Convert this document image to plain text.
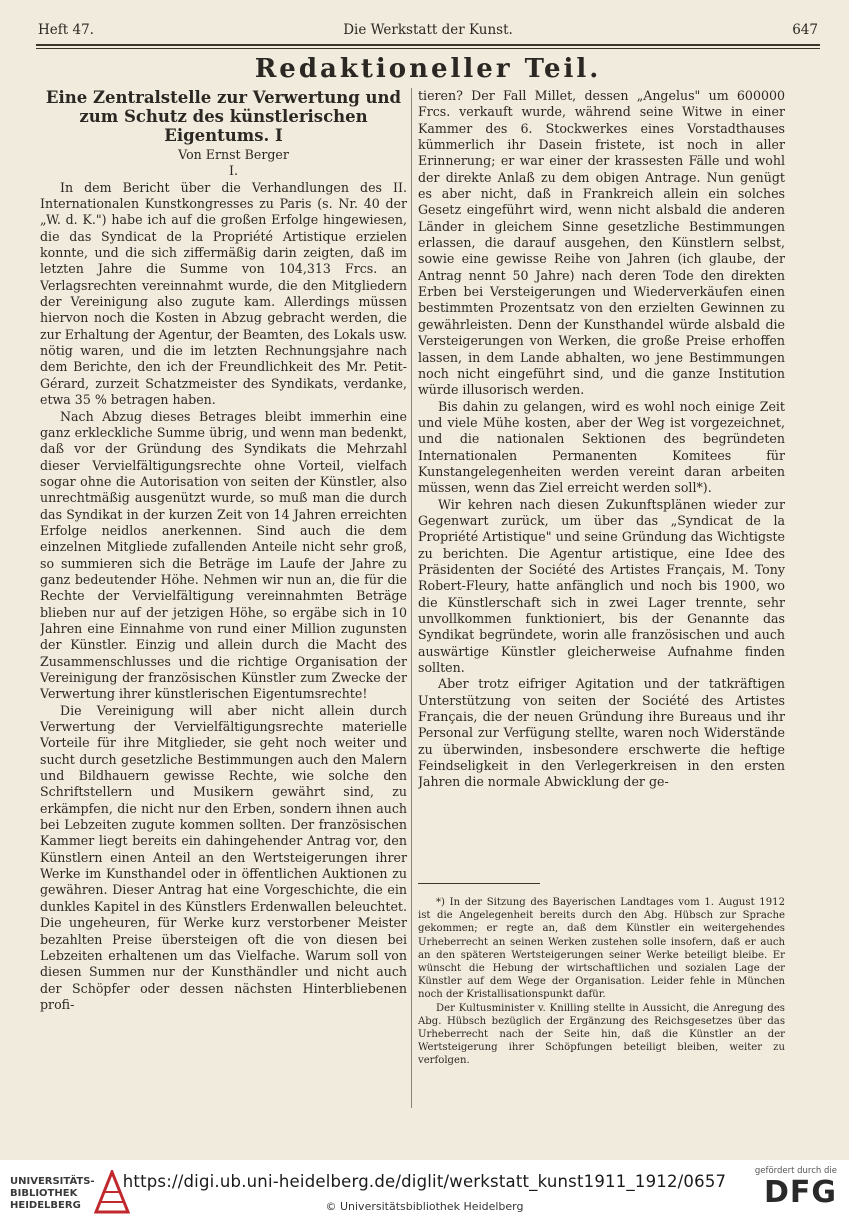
Heft 47.	Die Werkstatt der Kunst.	647
Redaktioneller Teil.
Eine Zentralstelle zur Verwertung und zum Schutz des künstlerischen Eigentums. I

Von Ernst Berger

I.

In dem Bericht über die Verhandlungen des II. Internationalen Kunstkongresses zu Paris (s. Nr. 40 der „W. d. K.") habe ich auf die großen Erfolge hingewiesen, die das Syndicat de la Propriété Artistique erzielen konnte, und die sich ziffermäßig darin zeigten, daß im letzten Jahre die Summe von 104,313 Frcs. an Verlagsrechten vereinnahmt wurde, die den Mitgliedern der Vereinigung also zugute kam. Allerdings müssen hiervon noch die Kosten in Abzug gebracht werden, die zur Erhaltung der Agentur, der Beamten, des Lokals usw. nötig waren, und die im letzten Rechnungsjahre nach dem Berichte, den ich der Freundlichkeit des Mr. Petit-Gérard, zurzeit Schatzmeister des Syndikats, verdanke, etwa 35 % betragen haben.

Nach Abzug dieses Betrages bleibt immerhin eine ganz erkleckliche Summe übrig, und wenn man bedenkt, daß vor der Gründung des Syndikats die Mehrzahl dieser Vervielfältigungsrechte ohne Vorteil, vielfach sogar ohne die Autorisation von seiten der Künstler, also unrechtmäßig ausgenützt wurde, so muß man die durch das Syndikat in der kurzen Zeit von 14 Jahren erreichten Erfolge neidlos anerkennen. Sind auch die dem einzelnen Mitgliede zufallenden Anteile nicht sehr groß, so summieren sich die Beträge im Laufe der Jahre zu ganz bedeutender Höhe. Nehmen wir nun an, die für die Rechte der Vervielfältigung vereinnahmten Beträge blieben nur auf der jetzigen Höhe, so ergäbe sich in 10 Jahren eine Einnahme von rund einer Million zugunsten der Künstler. Einzig und allein durch die Macht des Zusammenschlusses und die richtige Organisation der Vereinigung der französischen Künstler zum Zwecke der Verwertung ihrer künstlerischen Eigentumsrechte!

Die Vereinigung will aber nicht allein durch Verwertung der Vervielfältigungsrechte materielle Vorteile für ihre Mitglieder, sie geht noch weiter und sucht durch gesetzliche Bestimmungen auch den Malern und Bildhauern gewisse Rechte, wie solche den Schriftstellern und Musikern gewährt sind, zu erkämpfen, die nicht nur den Erben, sondern ihnen auch bei Lebzeiten zugute kommen sollten. Der französischen Kammer liegt bereits ein dahingehender Antrag vor, den Künstlern einen Anteil an den Wertsteigerungen ihrer Werke im Kunsthandel oder in öffentlichen Auktionen zu gewähren. Dieser Antrag hat eine Vorgeschichte, die ein dunkles Kapitel in des Künstlers Erdenwallen beleuchtet. Die ungeheuren, für Werke kurz verstorbener Meister bezahlten Preise übersteigen oft die von diesen bei Lebzeiten erhaltenen um das Vielfache. Warum soll von diesen Summen nur der Kunsthändler und nicht auch der Schöpfer oder dessen nächsten Hinterbliebenen profi-

tieren? Der Fall Millet, dessen „Angelus" um 600000 Frcs. verkauft wurde, während seine Witwe in einer Kammer des 6. Stockwerkes eines Vorstadthauses kümmerlich ihr Dasein fristete, ist noch in aller Erinnerung; er war einer der krassesten Fälle und wohl der direkte Anlaß zu dem obigen Antrage. Nun genügt es aber nicht, daß in Frankreich allein ein solches Gesetz eingeführt wird, wenn nicht alsbald die anderen Länder in gleichem Sinne gesetzliche Bestimmungen erlassen, die darauf ausgehen, den Künstlern selbst, sowie eine gewisse Reihe von Jahren (ich glaube, der Antrag nennt 50 Jahre) nach deren Tode den direkten Erben bei Versteigerungen und Wiederverkäufen einen bestimmten Prozentsatz von den erzielten Gewinnen zu gewährleisten. Denn der Kunsthandel würde alsbald die Versteigerungen von Werken, die große Preise erhoffen lassen, in dem Lande abhalten, wo jene Bestimmungen noch nicht eingeführt sind, und die ganze Institution würde illusorisch werden.

Bis dahin zu gelangen, wird es wohl noch einige Zeit und viele Mühe kosten, aber der Weg ist vorgezeichnet, und die nationalen Sektionen des begründeten Internationalen Permanenten Komitees für Kunstangelegenheiten werden vereint daran arbeiten müssen, wenn das Ziel erreicht werden soll*).

Wir kehren nach diesen Zukunftsplänen wieder zur Gegenwart zurück, um über das „Syndicat de la Propriété Artistique" und seine Gründung das Wichtigste zu berichten. Die Agentur artistique, eine Idee des Präsidenten der Société des Artistes Français, M. Tony Robert-Fleury, hatte anfänglich und noch bis 1900, wo die Künstlerschaft sich in zwei Lager trennte, sehr unvollkommen funktioniert, bis der Genannte das Syndikat begründete, worin alle französischen und auch auswärtige Künstler gleicherweise Aufnahme finden sollten.

Aber trotz eifriger Agitation und der tatkräftigen Unterstützung von seiten der Société des Artistes Français, die der neuen Gründung ihre Bureaus und ihr Personal zur Verfügung stellte, waren noch Widerstände zu überwinden, insbesondere erschwerte die heftige Feindseligkeit in den Verlegerkreisen in den ersten Jahren die normale Abwicklung der ge-

*) In der Sitzung des Bayerischen Landtages vom 1. August 1912 ist die Angelegenheit bereits durch den Abg. Hübsch zur Sprache gekommen; er regte an, daß dem Künstler ein weitergehendes Urheberrecht an seinen Werken zustehen solle insofern, daß er auch an den späteren Wertsteigerungen seiner Werke beteiligt bleibe. Er wünscht die Hebung der wirtschaftlichen und sozialen Lage der Künstler auf dem Wege der Organisation. Leider fehle in München noch der Kristallisationspunkt dafür.

Der Kultusminister v. Knilling stellte in Aussicht, die Anregung des Abg. Hübsch bezüglich der Ergänzung des Reichsgesetzes über das Urheberrecht nach der Seite hin, daß die Künstler an der Wertsteigerung ihrer Schöpfungen beteiligt bleiben, weiter zu verfolgen.

UNIVERSITÄTS-BIBLIOTHEK HEIDELBERG
https://digi.ub.uni-heidelberg.de/diglit/werkstatt_kunst1911_1912/0657
© Universitätsbibliothek Heidelberg
gefördert durch die
DFG
